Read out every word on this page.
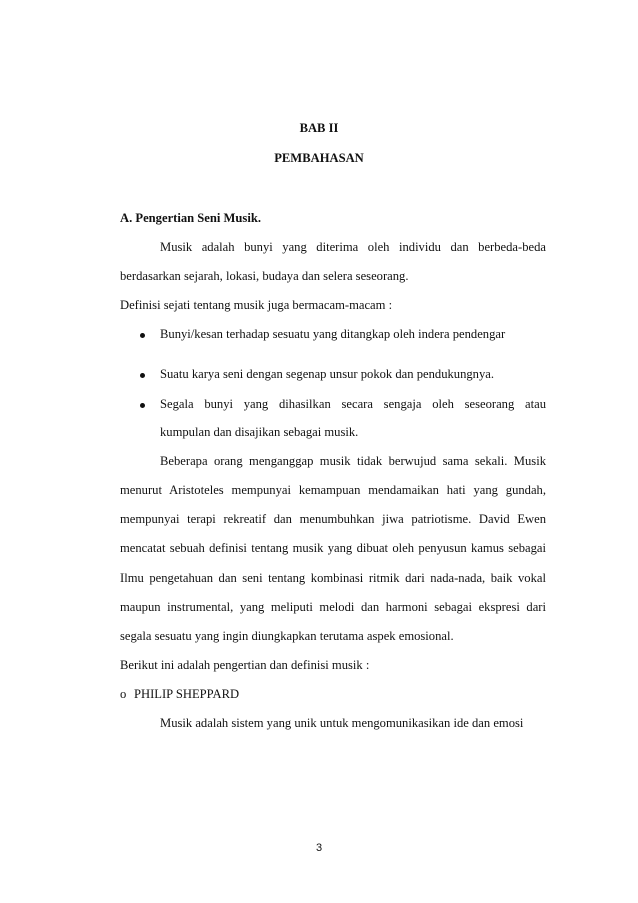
BAB II
PEMBAHASAN
A. Pengertian Seni Musik.
Musik adalah bunyi yang diterima oleh individu dan berbeda-beda
berdasarkan sejarah, lokasi, budaya dan selera seseorang.
Definisi sejati tentang musik juga bermacam-macam :
Bunyi/kesan terhadap sesuatu yang ditangkap oleh indera pendengar
Suatu karya seni dengan segenap unsur pokok dan pendukungnya.
Segala bunyi yang dihasilkan secara sengaja oleh seseorang atau
kumpulan dan disajikan sebagai musik.
Beberapa orang menganggap musik tidak berwujud sama sekali. Musik
menurut Aristoteles mempunyai kemampuan mendamaikan hati yang gundah,
mempunyai terapi rekreatif dan menumbuhkan jiwa patriotisme. David Ewen
mencatat sebuah definisi tentang musik yang dibuat oleh penyusun kamus sebagai
Ilmu pengetahuan dan seni tentang kombinasi ritmik dari nada-nada, baik vokal
maupun instrumental, yang meliputi melodi dan harmoni sebagai ekspresi dari
segala sesuatu yang ingin diungkapkan terutama aspek emosional.
Berikut ini adalah pengertian dan definisi musik :
o PHILIP SHEPPARD
Musik adalah sistem yang unik untuk mengomunikasikan ide dan emosi
3
